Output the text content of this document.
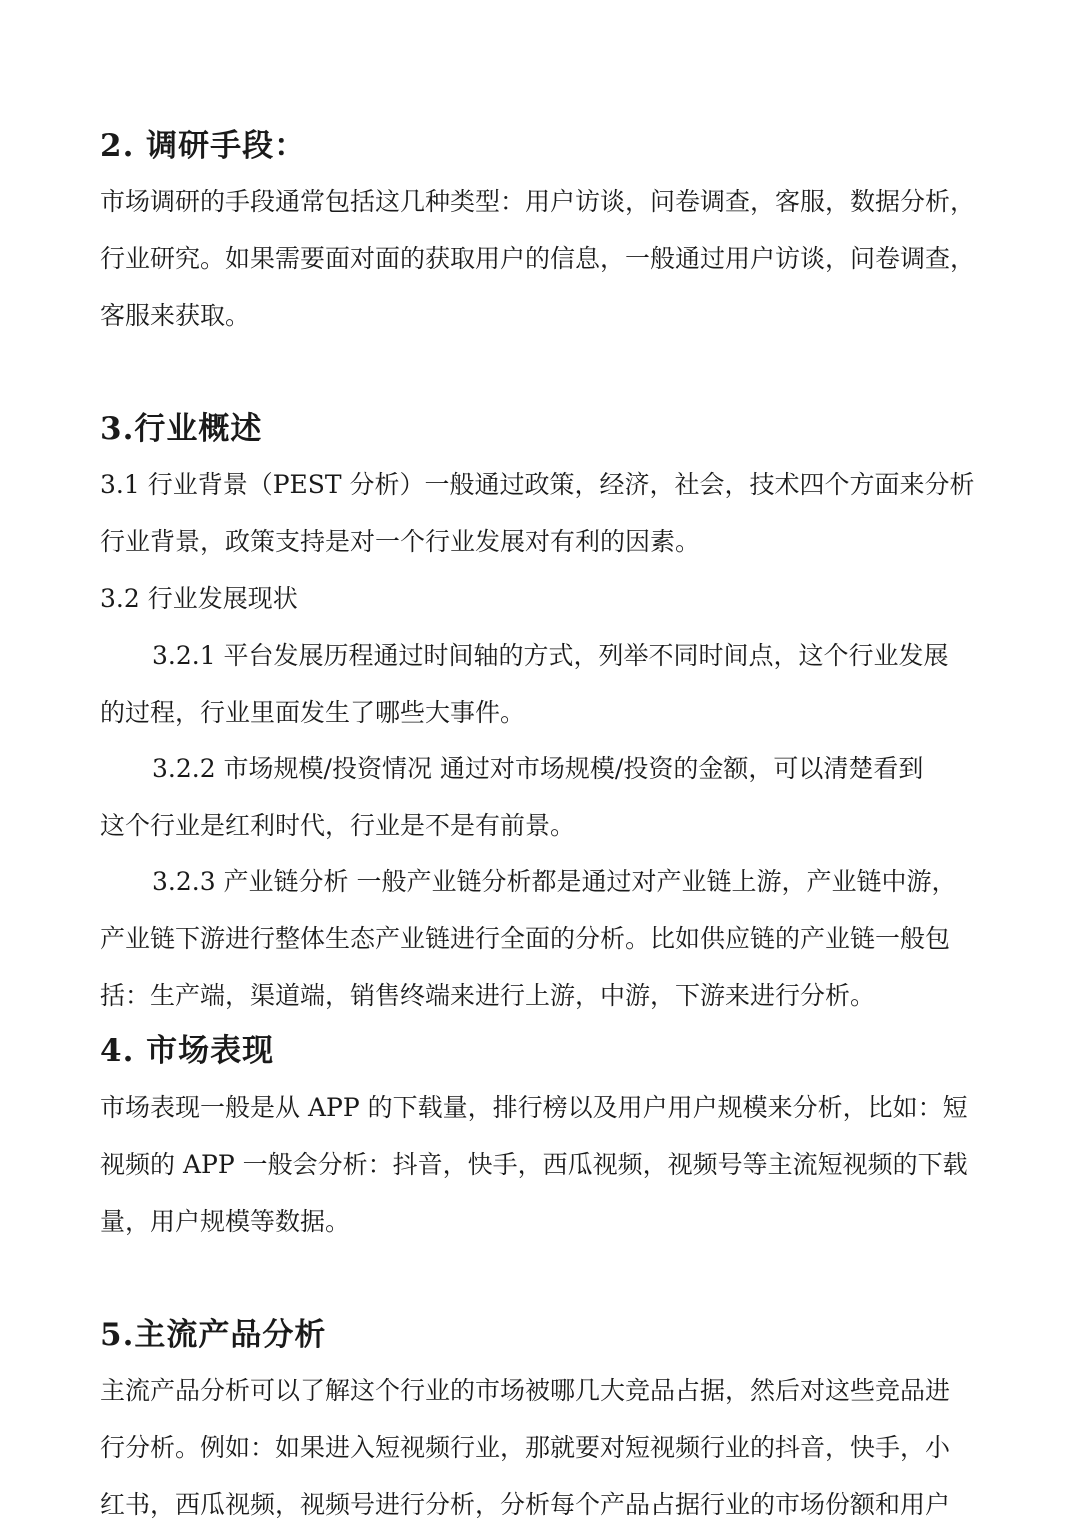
2. 调研手段：
市场调研的手段通常包括这几种类型：用户访谈，问卷调查，客服，数据分析，
行业研究。如果需要面对面的获取用户的信息，一般通过用户访谈，问卷调查，
客服来获取。
3.行业概述
3.1 行业背景（PEST 分析）一般通过政策，经济，社会，技术四个方面来分析
行业背景，政策支持是对一个行业发展对有利的因素。
3.2 行业发展现状
3.2.1 平台发展历程通过时间轴的方式，列举不同时间点，这个行业发展
的过程，行业里面发生了哪些大事件。
3.2.2 市场规模/投资情况 通过对市场规模/投资的金额，可以清楚看到
这个行业是红利时代，行业是不是有前景。
3.2.3 产业链分析 一般产业链分析都是通过对产业链上游，产业链中游，
产业链下游进行整体生态产业链进行全面的分析。比如供应链的产业链一般包
括：生产端，渠道端，销售终端来进行上游，中游，下游来进行分析。
4. 市场表现
市场表现一般是从 APP 的下载量，排行榜以及用户用户规模来分析，比如：短
视频的 APP 一般会分析：抖音，快手，西瓜视频，视频号等主流短视频的下载
量，用户规模等数据。
5.主流产品分析
主流产品分析可以了解这个行业的市场被哪几大竞品占据，然后对这些竞品进
行分析。例如：如果进入短视频行业，那就要对短视频行业的抖音，快手，小
红书，西瓜视频，视频号进行分析，分析每个产品占据行业的市场份额和用户
